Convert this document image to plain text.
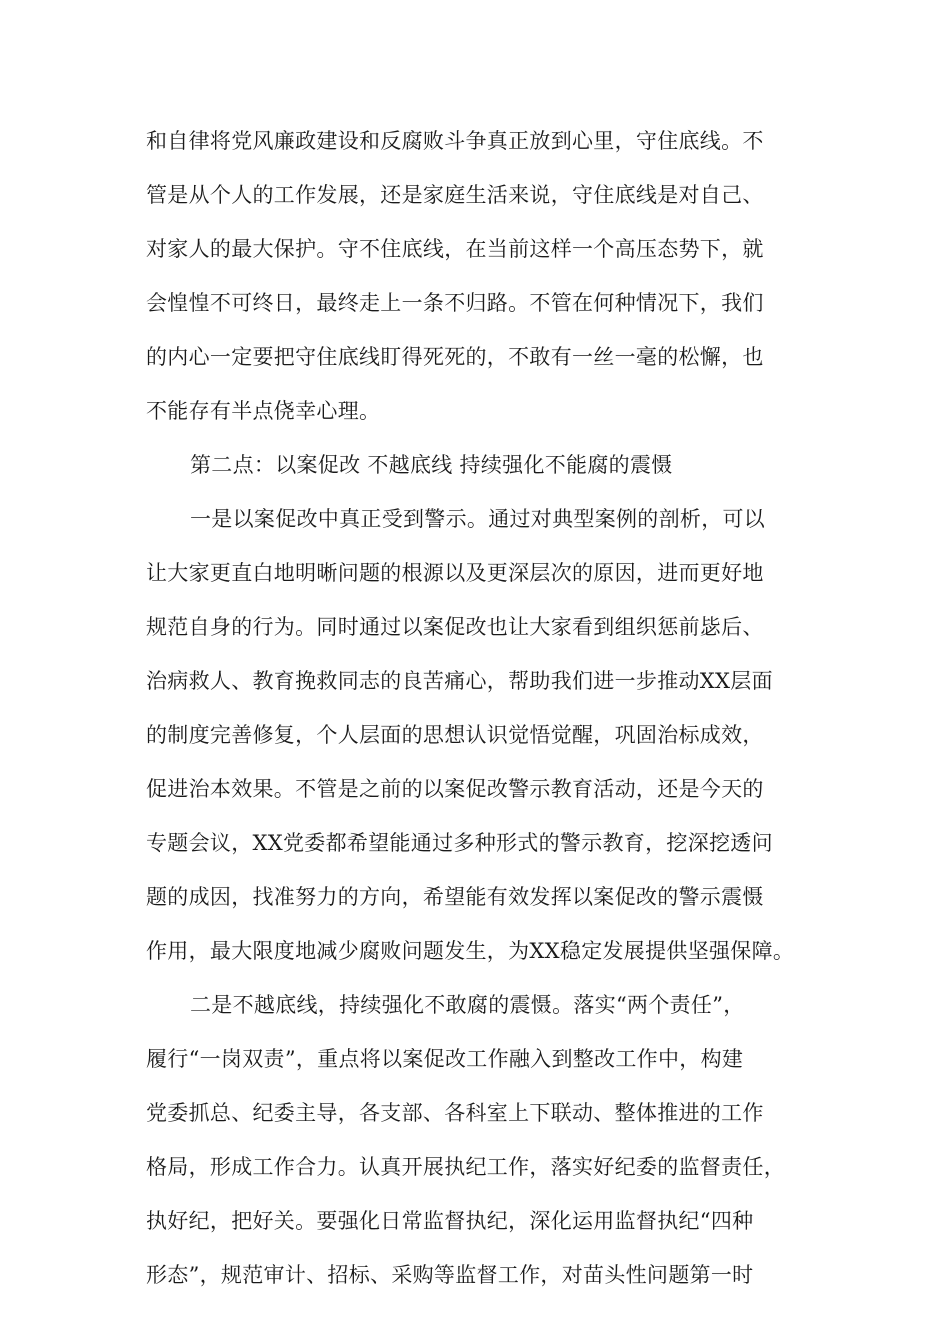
和自律将党风廉政建设和反腐败斗争真正放到心里，守住底线。不
管是从个人的工作发展，还是家庭生活来说，守住底线是对自己、
对家人的最大保护。守不住底线，在当前这样一个高压态势下，就
会惶惶不可终日，最终走上一条不归路。不管在何种情况下，我们
的内心一定要把守住底线盯得死死的，不敢有一丝一毫的松懈，也
不能存有半点侥幸心理。
第二点：以案促改 不越底线 持续强化不能腐的震慑
一是以案促改中真正受到警示。通过对典型案例的剖析，可以
让大家更直白地明晰问题的根源以及更深层次的原因，进而更好地
规范自身的行为。同时通过以案促改也让大家看到组织惩前毖后、
治病救人、教育挽救同志的良苦痛心，帮助我们进一步推动XX层面
的制度完善修复，个人层面的思想认识觉悟觉醒，巩固治标成效，
促进治本效果。不管是之前的以案促改警示教育活动，还是今天的
专题会议，XX党委都希望能通过多种形式的警示教育，挖深挖透问
题的成因，找准努力的方向，希望能有效发挥以案促改的警示震慑
作用，最大限度地减少腐败问题发生，为XX稳定发展提供坚强保障。
二是不越底线，持续强化不敢腐的震慑。落实“两个责任”，
履行“一岗双责”，重点将以案促改工作融入到整改工作中，构建
党委抓总、纪委主导，各支部、各科室上下联动、整体推进的工作
格局，形成工作合力。认真开展执纪工作，落实好纪委的监督责任，
执好纪，把好关。要强化日常监督执纪，深化运用监督执纪“四种
形态”，规范审计、招标、采购等监督工作，对苗头性问题第一时
